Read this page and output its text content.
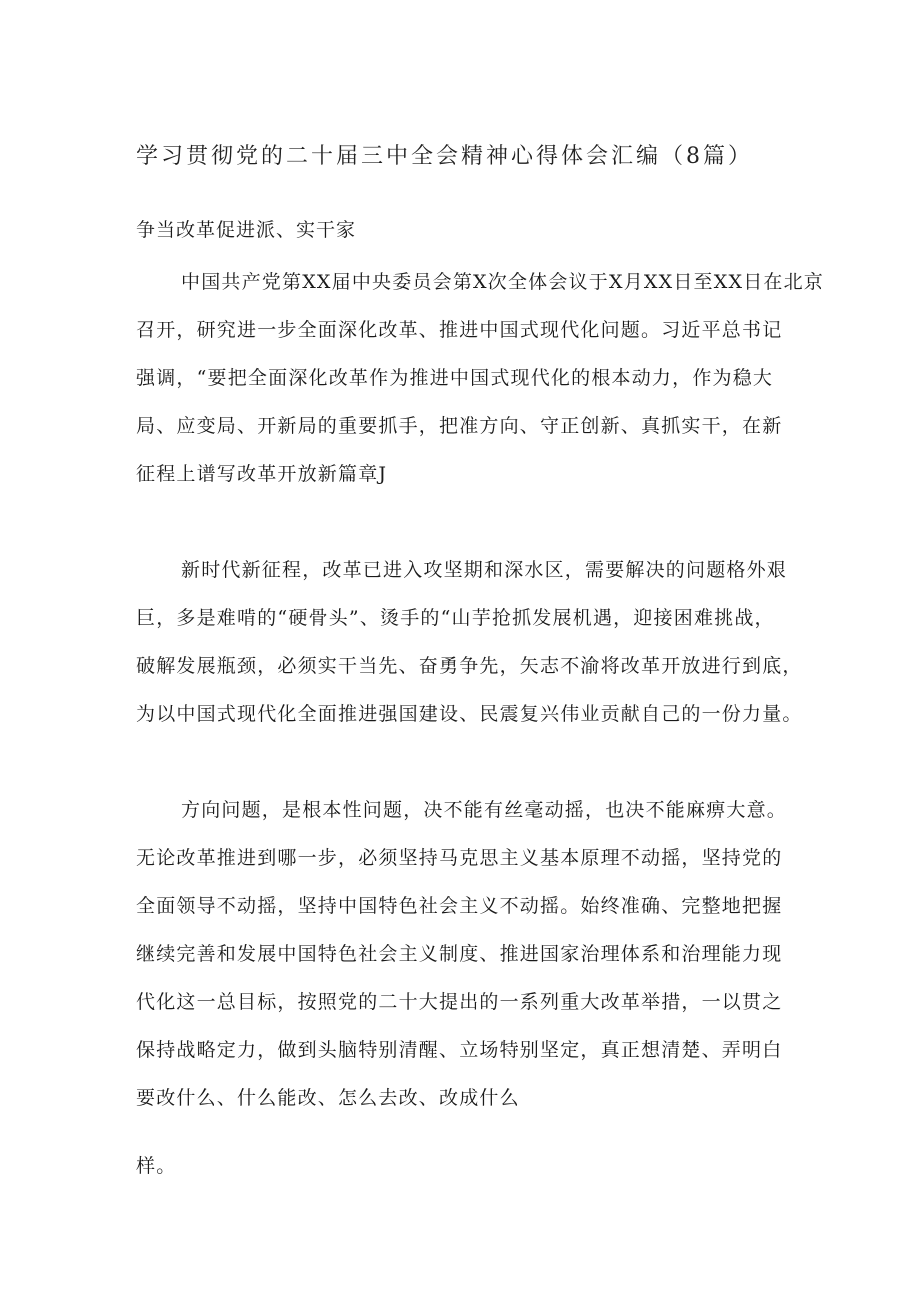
学习贯彻党的二十届三中全会精神心得体会汇编（8篇）
争当改革促进派、实干家
中国共产党第XX届中央委员会第X次全体会议于X月XX日至XX日在北京
召开，研究进一步全面深化改革、推进中国式现代化问题。习近平总书记
强调，“要把全面深化改革作为推进中国式现代化的根本动力，作为稳大
局、应变局、开新局的重要抓手，把准方向、守正创新、真抓实干，在新
征程上谱写改革开放新篇章J
新时代新征程，改革已进入攻坚期和深水区，需要解决的问题格外艰
巨，多是难啃的“硬骨头”、烫手的“山芋抢抓发展机遇，迎接困难挑战，
破解发展瓶颈，必须实干当先、奋勇争先，矢志不渝将改革开放进行到底，
为以中国式现代化全面推进强国建设、民震复兴伟业贡献自己的一份力量。
方向问题，是根本性问题，决不能有丝毫动摇，也决不能麻痹大意。
无论改革推进到哪一步，必须坚持马克思主义基本原理不动摇，坚持党的
全面领导不动摇，坚持中国特色社会主义不动摇。始终准确、完整地把握
继续完善和发展中国特色社会主义制度、推进国家治理体系和治理能力现
代化这一总目标，按照党的二十大提出的一系列重大改革举措，一以贯之
保持战略定力，做到头脑特别清醒、立场特别坚定，真正想清楚、弄明白
要改什么、什么能改、怎么去改、改成什么
样。
